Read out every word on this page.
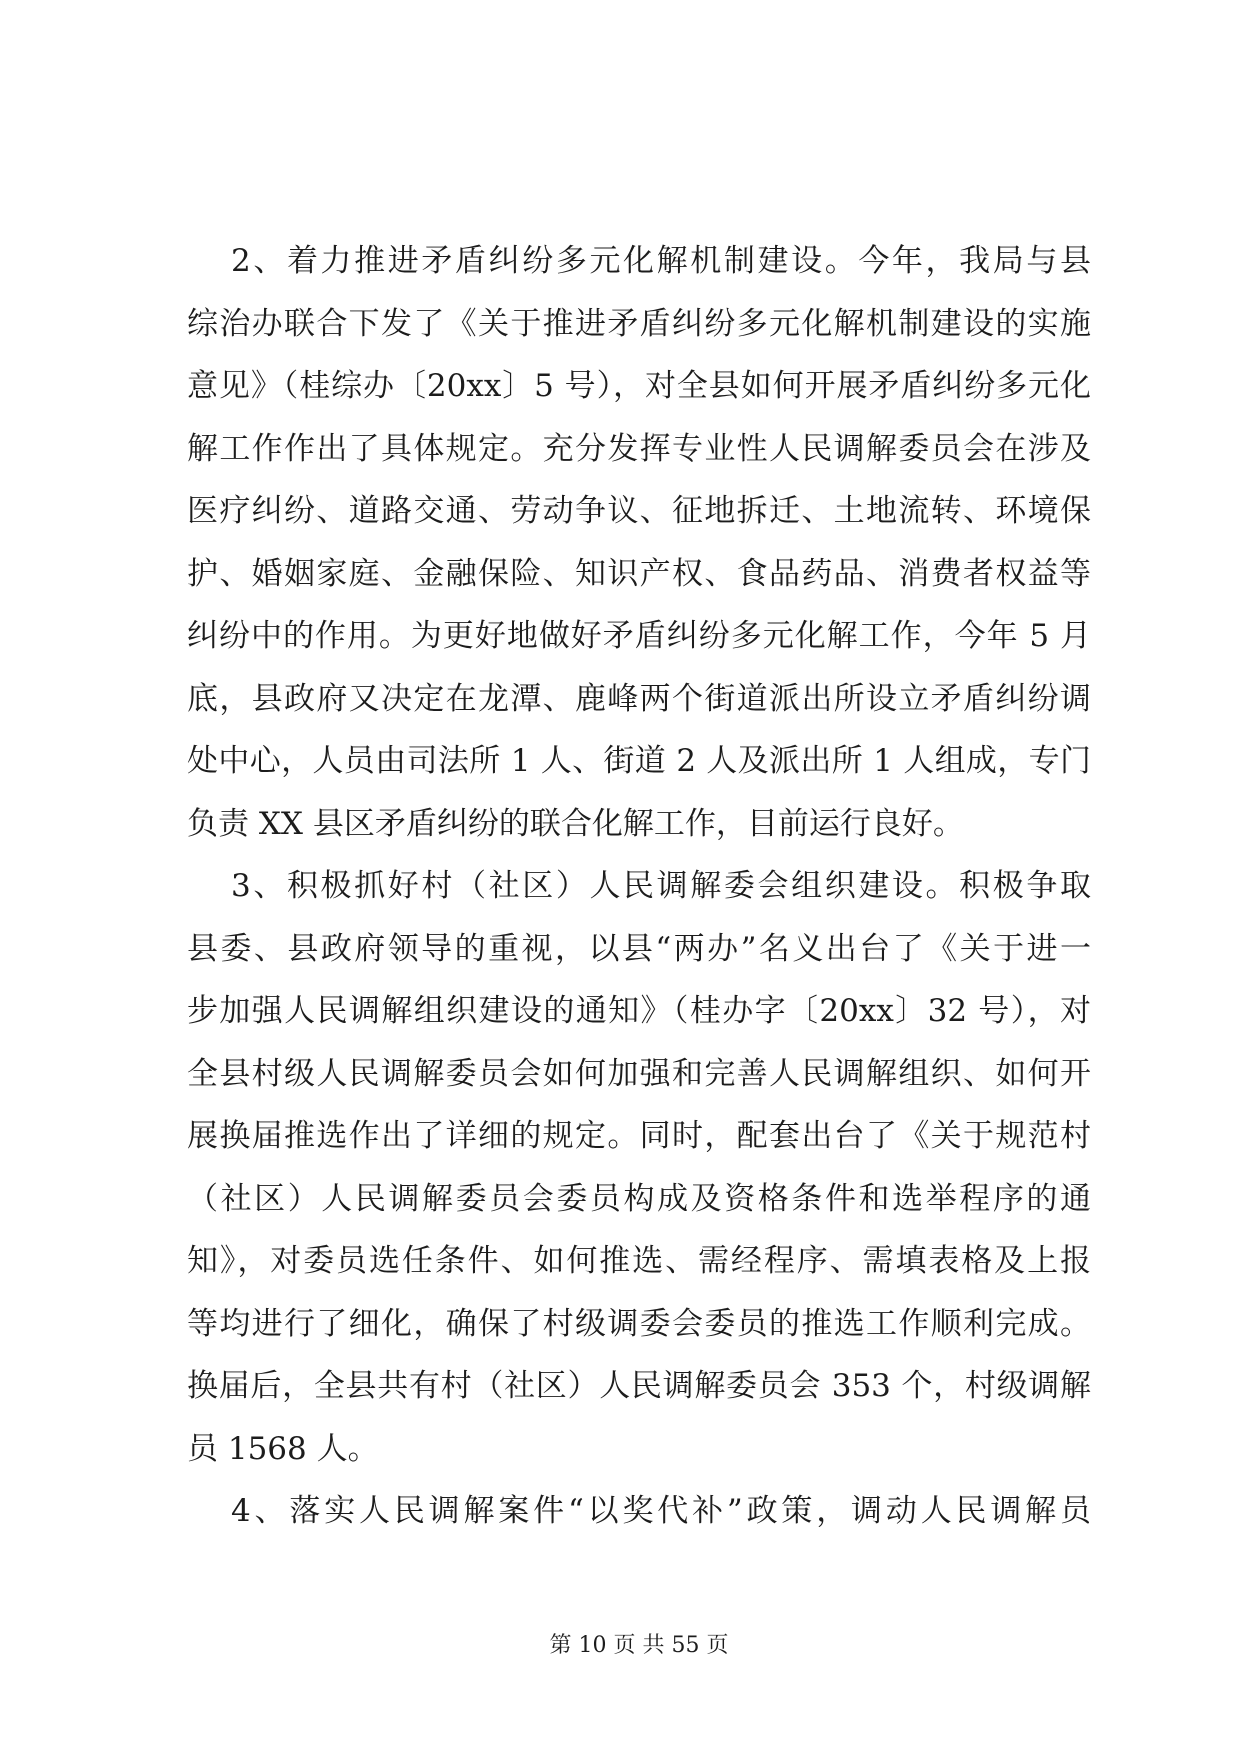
2、着力推进矛盾纠纷多元化解机制建设。今年，我局与县
综治办联合下发了《关于推进矛盾纠纷多元化解机制建设的实施
意见》（桂综办〔20xx〕5 号），对全县如何开展矛盾纠纷多元化
解工作作出了具体规定。充分发挥专业性人民调解委员会在涉及
医疗纠纷、道路交通、劳动争议、征地拆迁、土地流转、环境保
护、婚姻家庭、金融保险、知识产权、食品药品、消费者权益等
纠纷中的作用。为更好地做好矛盾纠纷多元化解工作，今年 5 月
底，县政府又决定在龙潭、鹿峰两个街道派出所设立矛盾纠纷调
处中心，人员由司法所 1 人、街道 2 人及派出所 1 人组成，专门
负责 XX 县区矛盾纠纷的联合化解工作，目前运行良好。
3、积极抓好村（社区）人民调解委会组织建设。积极争取
县委、县政府领导的重视，以县“两办”名义出台了《关于进一
步加强人民调解组织建设的通知》（桂办字〔20xx〕32 号），对
全县村级人民调解委员会如何加强和完善人民调解组织、如何开
展换届推选作出了详细的规定。同时，配套出台了《关于规范村
（社区）人民调解委员会委员构成及资格条件和选举程序的通
知》，对委员选任条件、如何推选、需经程序、需填表格及上报
等均进行了细化，确保了村级调委会委员的推选工作顺利完成。
换届后，全县共有村（社区）人民调解委员会 353 个，村级调解
员 1568 人。
4、落实人民调解案件“以奖代补”政策，调动人民调解员
第 10 页 共 55 页
